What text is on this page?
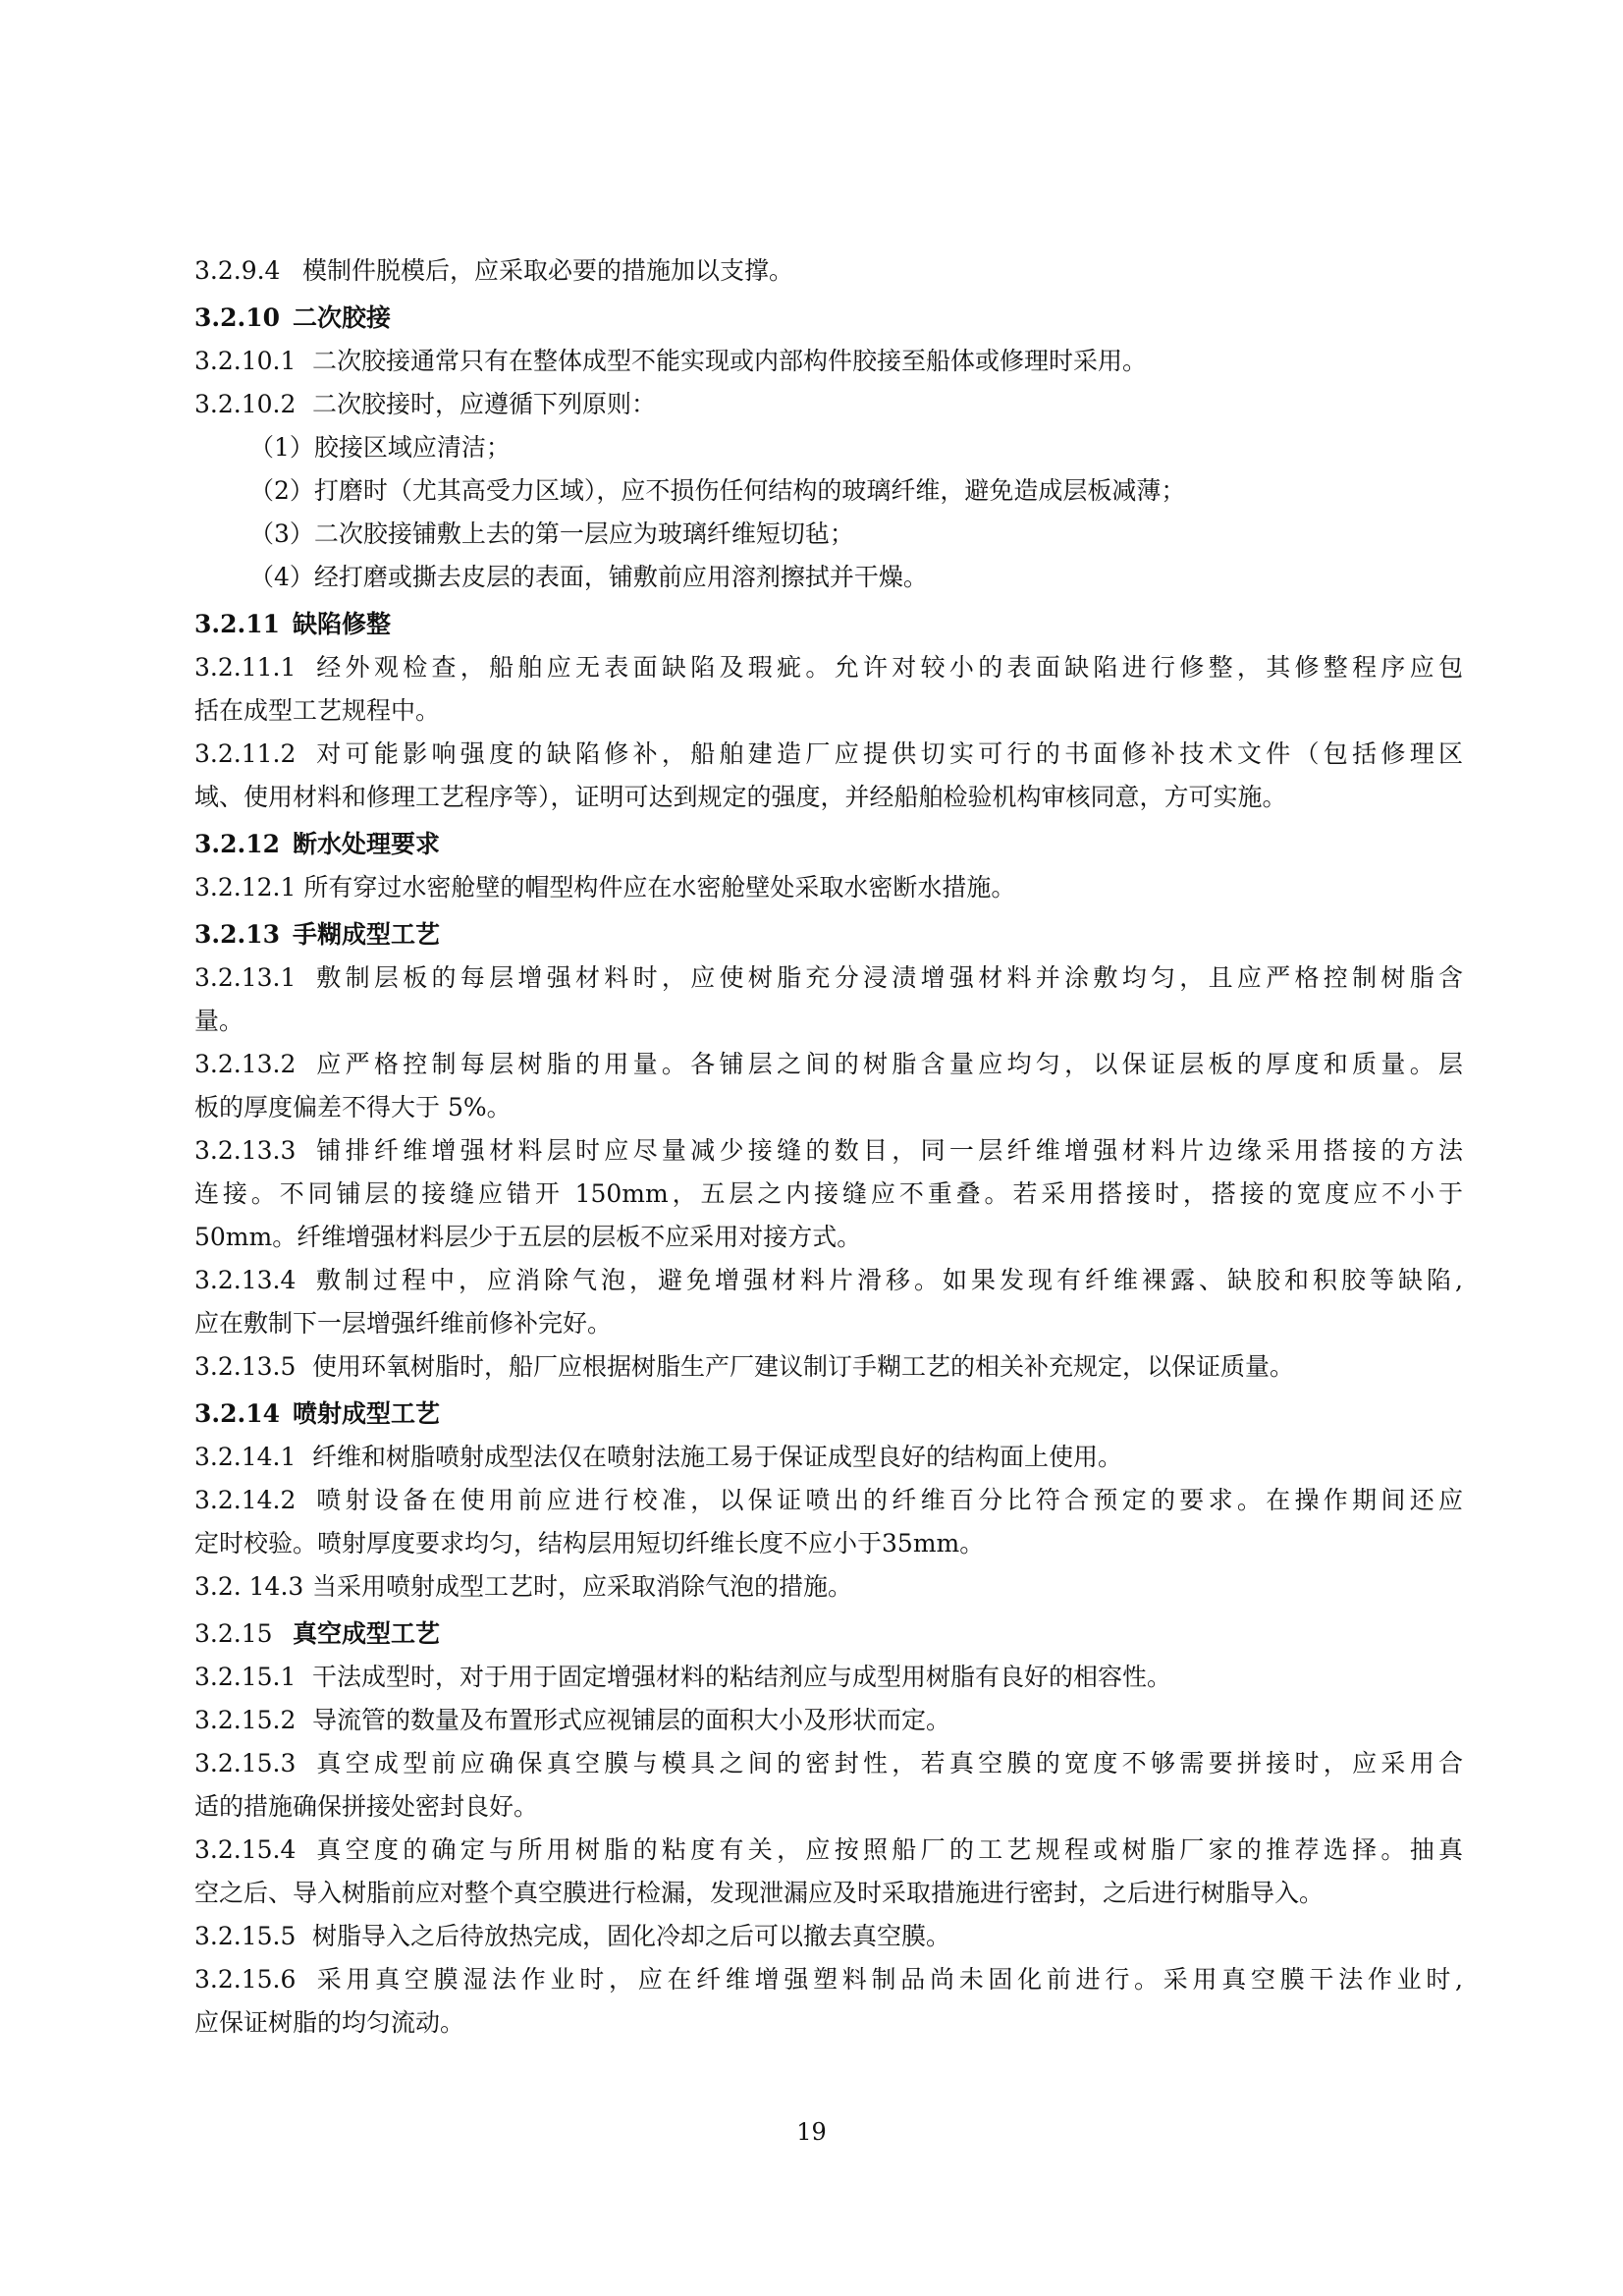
3.2.9.4 模制件脱模后，应采取必要的措施加以支撑。
3.2.10 二次胶接
3.2.10.1 二次胶接通常只有在整体成型不能实现或内部构件胶接至船体或修理时采用。
3.2.10.2 二次胶接时，应遵循下列原则：
（1）胶接区域应清洁；
（2）打磨时（尤其高受力区域），应不损伤任何结构的玻璃纤维，避免造成层板减薄；
（3）二次胶接铺敷上去的第一层应为玻璃纤维短切毡；
（4）经打磨或撕去皮层的表面，铺敷前应用溶剂擦拭并干燥。
3.2.11 缺陷修整
3.2.11.1 经外观检查，船舶应无表面缺陷及瑕疵。允许对较小的表面缺陷进行修整，其修整程序应包
括在成型工艺规程中。
3.2.11.2 对可能影响强度的缺陷修补，船舶建造厂应提供切实可行的书面修补技术文件（包括修理区
域、使用材料和修理工艺程序等），证明可达到规定的强度，并经船舶检验机构审核同意，方可实施。
3.2.12 断水处理要求
3.2.12.1 所有穿过水密舱壁的帽型构件应在水密舱壁处采取水密断水措施。
3.2.13 手糊成型工艺
3.2.13.1 敷制层板的每层增强材料时，应使树脂充分浸渍增强材料并涂敷均匀，且应严格控制树脂含
量。
3.2.13.2 应严格控制每层树脂的用量。各铺层之间的树脂含量应均匀，以保证层板的厚度和质量。层
板的厚度偏差不得大于 5%。
3.2.13.3 铺排纤维增强材料层时应尽量减少接缝的数目，同一层纤维增强材料片边缘采用搭接的方法
连接。不同铺层的接缝应错开 150mm，五层之内接缝应不重叠。若采用搭接时，搭接的宽度应不小于
50mm。纤维增强材料层少于五层的层板不应采用对接方式。
3.2.13.4 敷制过程中，应消除气泡，避免增强材料片滑移。如果发现有纤维裸露、缺胶和积胶等缺陷,
应在敷制下一层增强纤维前修补完好。
3.2.13.5 使用环氧树脂时，船厂应根据树脂生产厂建议制订手糊工艺的相关补充规定，以保证质量。
3.2.14 喷射成型工艺
3.2.14.1 纤维和树脂喷射成型法仅在喷射法施工易于保证成型良好的结构面上使用。
3.2.14.2 喷射设备在使用前应进行校准，以保证喷出的纤维百分比符合预定的要求。在操作期间还应
定时校验。喷射厚度要求均匀，结构层用短切纤维长度不应小于35mm。
3.2. 14.3 当采用喷射成型工艺时，应采取消除气泡的措施。
3.2.15 真空成型工艺
3.2.15.1 干法成型时，对于用于固定增强材料的粘结剂应与成型用树脂有良好的相容性。
3.2.15.2 导流管的数量及布置形式应视铺层的面积大小及形状而定。
3.2.15.3 真空成型前应确保真空膜与模具之间的密封性，若真空膜的宽度不够需要拼接时，应采用合
适的措施确保拼接处密封良好。
3.2.15.4 真空度的确定与所用树脂的粘度有关，应按照船厂的工艺规程或树脂厂家的推荐选择。抽真
空之后、导入树脂前应对整个真空膜进行检漏，发现泄漏应及时采取措施进行密封，之后进行树脂导入。
3.2.15.5 树脂导入之后待放热完成，固化冷却之后可以撤去真空膜。
3.2.15.6 采用真空膜湿法作业时，应在纤维增强塑料制品尚未固化前进行。采用真空膜干法作业时,
应保证树脂的均匀流动。
19
